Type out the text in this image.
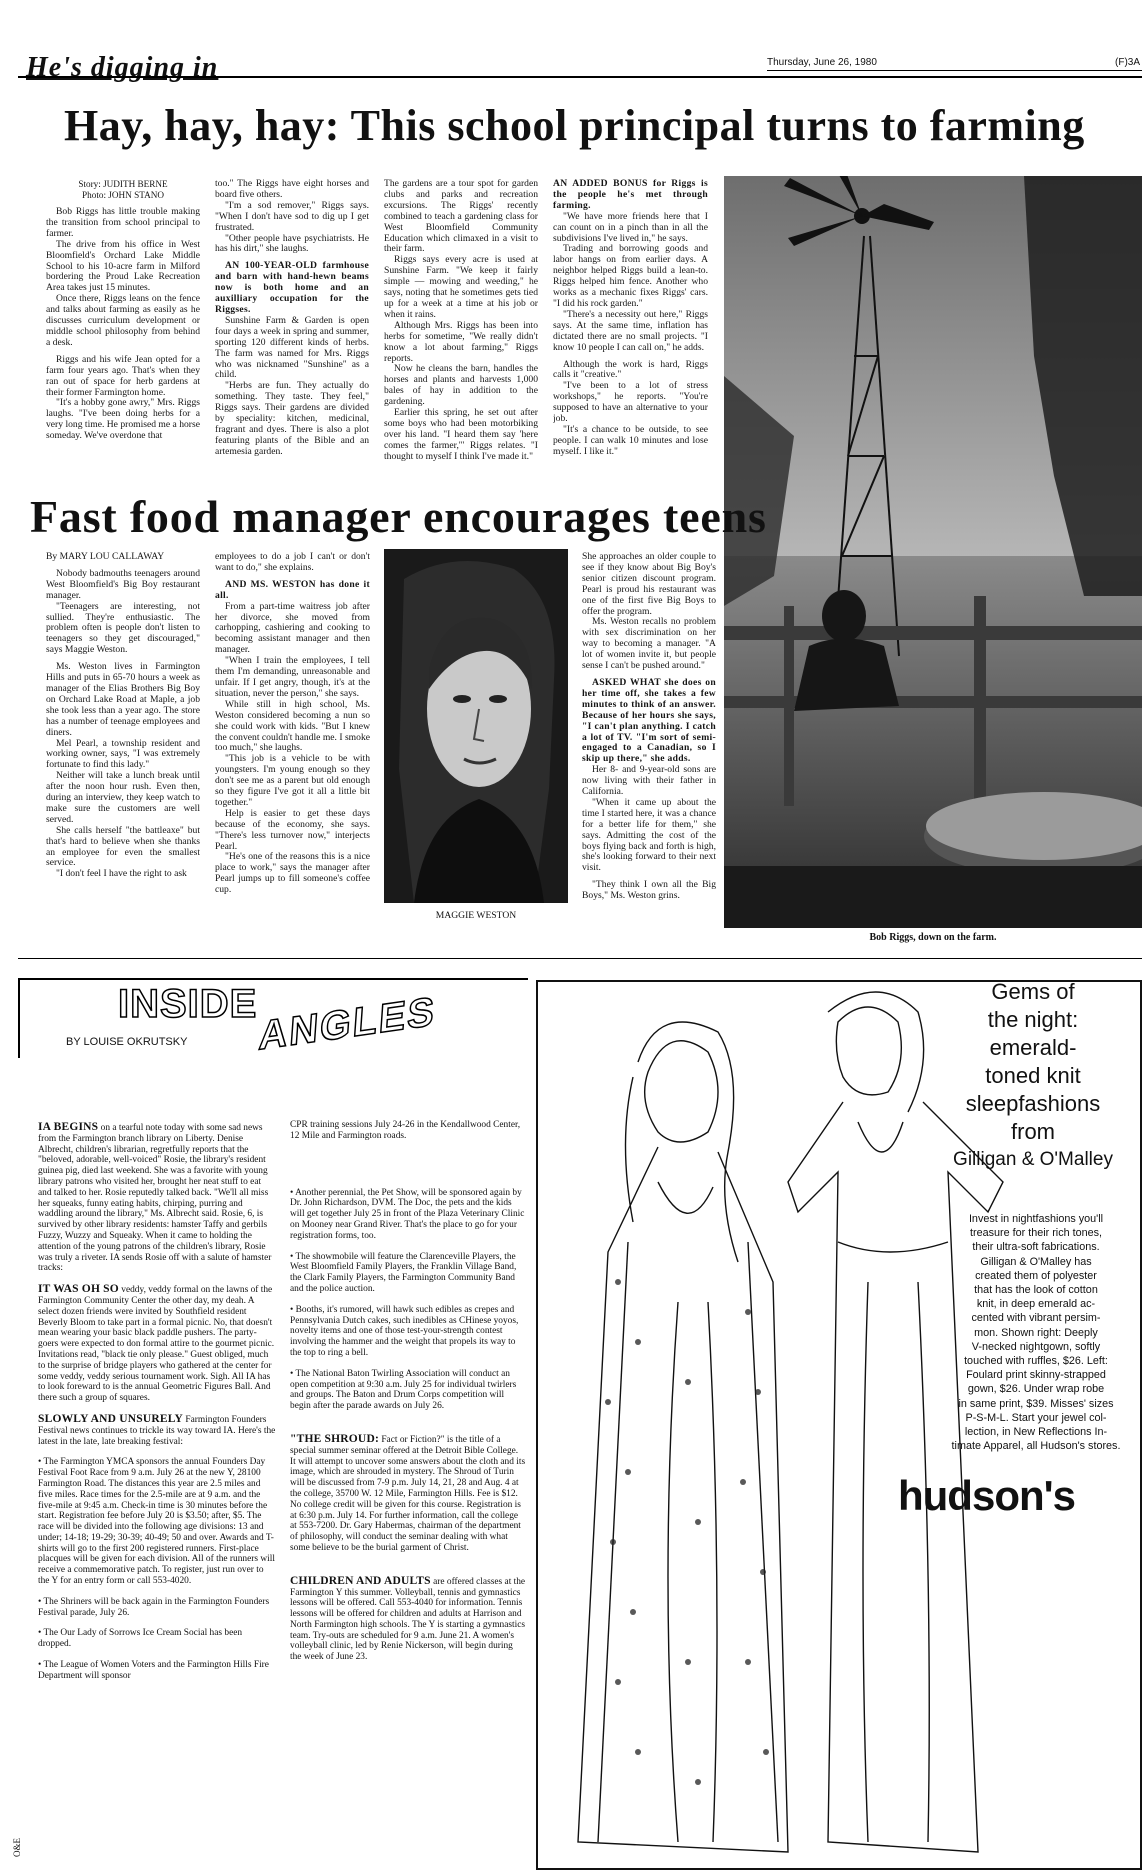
He's digging in	Thursday, June 26, 1980	(F)3A
Hay, hay, hay: This school principal turns to farming
Story: JUDITH BERNE
Photo: JOHN STANO

Bob Riggs has little trouble making the transition from school principal to farmer.

The drive from his office in West Bloomfield's Orchard Lake Middle School to his 10-acre farm in Milford bordering the Proud Lake Recreation Area takes just 15 minutes.

Once there, Riggs leans on the fence and talks about farming as easily as he discusses curriculum development or middle school philosophy from behind a desk.

Riggs and his wife Jean opted for a farm four years ago. That's when they ran out of space for herb gardens at their former Farmington home.

"It's a hobby gone awry," Mrs. Riggs laughs. "I've been doing herbs for a very long time. He promised me a horse someday. We've overdone that

too." The Riggs have eight horses and board five others.

"I'm a sod remover," Riggs says. "When I don't have sod to dig up I get frustrated.

"Other people have psychiatrists. He has his dirt," she laughs.

AN 100-YEAR-OLD farmhouse and barn with hand-hewn beams now is both home and an auxilliary occupation for the Riggses.

Sunshine Farm & Garden is open four days a week in spring and summer, sporting 120 different kinds of herbs. The farm was named for Mrs. Riggs who was nicknamed "Sunshine" as a child.

"Herbs are fun. They actually do something. They taste. They feel," Riggs says. Their gardens are divided by speciality: kitchen, medicinal, fragrant and dyes. There is also a plot featuring plants of the Bible and an artemesia garden.

The gardens are a tour spot for garden clubs and parks and recreation excursions. The Riggs' recently combined to teach a gardening class for West Bloomfield Community Education which climaxed in a visit to their farm.

Riggs says every acre is used at Sunshine Farm. "We keep it fairly simple — mowing and weeding," he says, noting that he sometimes gets tied up for a week at a time at his job or when it rains.

Although Mrs. Riggs has been into herbs for sometime, "We really didn't know a lot about farming," Riggs reports.

Now he cleans the barn, handles the horses and plants and harvests 1,000 bales of hay in addition to the gardening.

Earlier this spring, he set out after some boys who had been motorbiking over his land. "I heard them say 'here comes the farmer,'" Riggs relates. "I thought to myself I think I've made it."

AN ADDED BONUS for Riggs is the people he's met through farming.

"We have more friends here that I can count on in a pinch than in all the subdivisions I've lived in," he says.

Trading and borrowing goods and labor hangs on from earlier days. A neighbor helped Riggs build a lean-to. Riggs helped him fence. Another who works as a mechanic fixes Riggs' cars. "I did his rock garden."

"There's a necessity out here," Riggs says. At the same time, inflation has dictated there are no small projects. "I know 10 people I can call on," he adds.

Although the work is hard, Riggs calls it "creative."

"I've been to a lot of stress workshops," he reports. "You're supposed to have an alternative to your job.

"It's a chance to be outside, to see people. I can walk 10 minutes and lose myself. I like it."

Bob Riggs, down on the farm.
Fast food manager encourages teens
By MARY LOU CALLAWAY

Nobody badmouths teenagers around West Bloomfield's Big Boy restaurant manager.

"Teenagers are interesting, not sullied. They're enthusiastic. The problem often is people don't listen to teenagers so they get discouraged," says Maggie Weston.

Ms. Weston lives in Farmington Hills and puts in 65-70 hours a week as manager of the Elias Brothers Big Boy on Orchard Lake Road at Maple, a job she took less than a year ago. The store has a number of teenage employees and diners.

Mel Pearl, a township resident and working owner, says, "I was extremely fortunate to find this lady."

Neither will take a lunch break until after the noon hour rush. Even then, during an interview, they keep watch to make sure the customers are well served.

She calls herself "the battleaxe" but that's hard to believe when she thanks an employee for even the smallest service.

"I don't feel I have the right to ask

employees to do a job I can't or don't want to do," she explains.

AND MS. WESTON has done it all.

From a part-time waitress job after her divorce, she moved from carhopping, cashiering and cooking to becoming assistant manager and then manager.

"When I train the employees, I tell them I'm demanding, unreasonable and unfair. If I get angry, though, it's at the situation, never the person," she says.

While still in high school, Ms. Weston considered becoming a nun so she could work with kids. "But I knew the convent couldn't handle me. I smoke too much," she laughs.

"This job is a vehicle to be with youngsters. I'm young enough so they don't see me as a parent but old enough so they figure I've got it all a little bit together."

Help is easier to get these days because of the economy, she says. "There's less turnover now," interjects Pearl.

"He's one of the reasons this is a nice place to work," says the manager after Pearl jumps up to fill someone's coffee cup.

MAGGIE WESTON

She approaches an older couple to see if they know about Big Boy's senior citizen discount program. Pearl is proud his restaurant was one of the first five Big Boys to offer the program.

Ms. Weston recalls no problem with sex discrimination on her way to becoming a manager. "A lot of women invite it, but people sense I can't be pushed around."

ASKED WHAT she does on her time off, she takes a few minutes to think of an answer. Because of her hours she says, "I can't plan anything. I catch a lot of TV. "I'm sort of semi-engaged to a Canadian, so I skip up there," she adds.

Her 8- and 9-year-old sons are now living with their father in California.

"When it came up about the time I started here, it was a chance for a better life for them," she says. Admitting the cost of the boys flying back and forth is high, she's looking forward to their next visit.

"They think I own all the Big Boys," Ms. Weston grins.

INSIDE ANGLES
BY LOUISE OKRUTSKY

IA BEGINS on a tearful note today with some sad news from the Farmington branch library on Liberty. Denise Albrecht, children's librarian, regretfully reports that the "beloved, adorable, well-voiced" Rosie, the library's resident guinea pig, died last weekend. She was a favorite with young library patrons who visited her, brought her neat stuff to eat and talked to her. Rosie reputedly talked back. "We'll all miss her squeaks, funny eating habits, chirping, purring and waddling around the library," Ms. Albrecht said. Rosie, 6, is survived by other library residents: hamster Taffy and gerbils Fuzzy, Wuzzy and Squeaky. When it came to holding the attention of the young patrons of the children's library, Rosie was truly a riveter. IA sends Rosie off with a salute of hamster tracks:

IT WAS OH SO veddy, veddy formal on the lawns of the Farmington Community Center the other day, my deah. A select dozen friends were invited by Southfield resident Beverly Bloom to take part in a formal picnic. No, that doesn't mean wearing your basic black paddle pushers. The party-goers were expected to don formal attire to the gourmet picnic. Invitations read, "black tie only please." Guest obliged, much to the surprise of bridge players who gathered at the center for some veddy, veddy serious tournament work. Sigh. All IA has to look foreward to is the annual Geometric Figures Ball. And there such a group of squares.

SLOWLY AND UNSURELY Farmington Founders Festival news continues to trickle its way toward IA. Here's the latest in the late, late breaking festival:

• The Farmington YMCA sponsors the annual Founders Day Festival Foot Race from 9 a.m. July 26 at the new Y, 28100 Farmington Road. The distances this year are 2.5 miles and five miles. Race times for the 2.5-mile are at 9 a.m. and the five-mile at 9:45 a.m. Check-in time is 30 minutes before the start. Registration fee before July 20 is $3.50; after, $5. The race will be divided into the following age divisions: 13 and under; 14-18; 19-29; 30-39; 40-49; 50 and over. Awards and T-shirts will go to the first 200 registered runners. First-place placques will be given for each division. All of the runners will receive a commemorative patch. To register, just run over to the Y for an entry form or call 553-4020.

• The Shriners will be back again in the Farmington Founders Festival parade, July 26.

• The Our Lady of Sorrows Ice Cream Social has been dropped.

• The League of Women Voters and the Farmington Hills Fire Department will sponsor

CPR training sessions July 24-26 in the Kendallwood Center, 12 Mile and Farmington roads.

• Another perennial, the Pet Show, will be sponsored again by Dr. John Richardson, DVM. The Doc, the pets and the kids will get together July 25 in front of the Plaza Veterinary Clinic on Mooney near Grand River. That's the place to go for your registration forms, too.

• The showmobile will feature the Clarenceville Players, the West Bloomfield Family Players, the Franklin Village Band, the Clark Family Players, the Farmington Community Band and the police auction.

• Booths, it's rumored, will hawk such edibles as crepes and Pennsylvania Dutch cakes, such inedibles as CHinese yoyos, novelty items and one of those test-your-strength contest involving the hammer and the weight that propels its way to the top to ring a bell.

• The National Baton Twirling Association will conduct an open competition at 9:30 a.m. July 25 for individual twirlers and groups. The Baton and Drum Corps competition will begin after the parade awards on July 26.

"THE SHROUD: Fact or Fiction?" is the title of a special summer seminar offered at the Detroit Bible College. It will attempt to uncover some answers about the cloth and its image, which are shrouded in mystery. The Shroud of Turin will be discussed from 7-9 p.m. July 14, 21, 28 and Aug. 4 at the college, 35700 W. 12 Mile, Farmington Hills. Fee is $12. No college credit will be given for this course. Registration is at 6:30 p.m. July 14. For further information, call the college at 553-7200. Dr. Gary Habermas, chairman of the department of philosophy, will conduct the seminar dealing with what some believe to be the burial garment of Christ.

CHILDREN AND ADULTS are offered classes at the Farmington Y this summer. Volleyball, tennis and gymnastics lessons will be offered. Call 553-4040 for information. Tennis lessons will be offered for children and adults at Harrison and North Farmington high schools. The Y is starting a gymnastics team. Try-outs are scheduled for 9 a.m. June 21. A women's volleyball clinic, led by Renie Nickerson, will begin during the week of June 23.

O&E
Gems of
the night:
emerald-
toned knit
sleepfashions
from
Gilligan & O'Malley
Invest in nightfashions you'll
treasure for their rich tones,
their ultra-soft fabrications.
Gilligan & O'Malley has
created them of polyester
that has the look of cotton
knit, in deep emerald ac-
cented with vibrant persim-
mon. Shown right: Deeply
V-necked nightgown, softly
touched with ruffles, $26. Left:
Foulard print skinny-strapped
gown, $26. Under wrap robe
in same print, $39. Misses' sizes
P-S-M-L. Start your jewel col-
lection, in New Reflections In-
timate Apparel, all Hudson's stores.
hudson's
